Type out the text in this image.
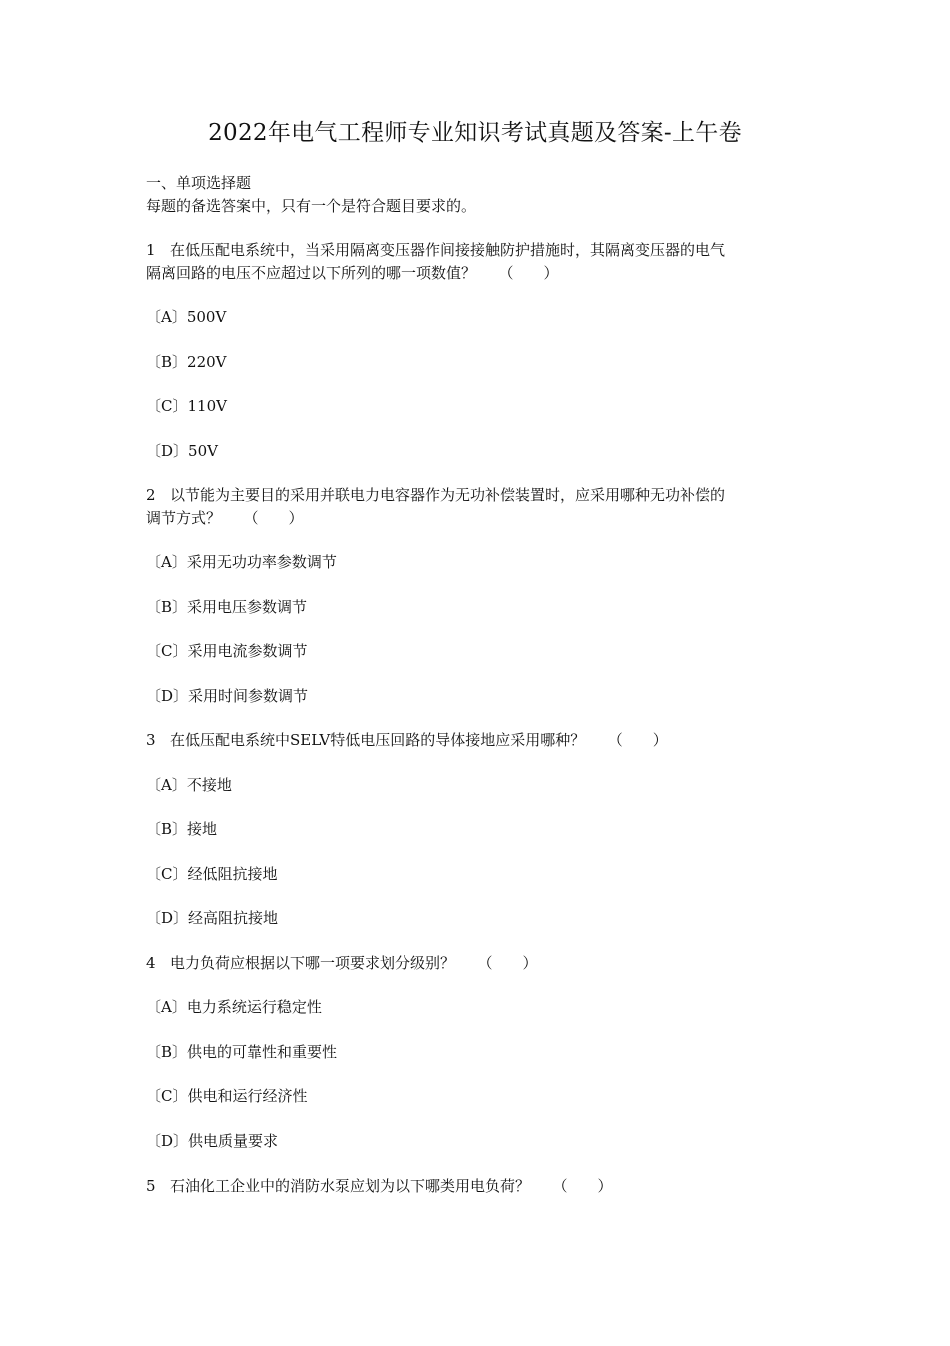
2022年电气工程师专业知识考试真题及答案-上午卷
一、单项选择题
每题的备选答案中，只有一个是符合题目要求的。
1 在低压配电系统中，当采用隔离变压器作间接接触防护措施时，其隔离变压器的电气
隔离回路的电压不应超过以下所列的哪一项数值？　　（　　）
〔A〕500V
〔B〕220V
〔C〕110V
〔D〕50V
2 以节能为主要目的采用并联电力电容器作为无功补偿装置时，应采用哪种无功补偿的
调节方式？　　（　　）
〔A〕采用无功功率参数调节
〔B〕采用电压参数调节
〔C〕采用电流参数调节
〔D〕采用时间参数调节
3 在低压配电系统中SELV特低电压回路的导体接地应采用哪种？　　（　　）
〔A〕不接地
〔B〕接地
〔C〕经低阻抗接地
〔D〕经高阻抗接地
4 电力负荷应根据以下哪一项要求划分级别？　　（　　）
〔A〕电力系统运行稳定性
〔B〕供电的可靠性和重要性
〔C〕供电和运行经济性
〔D〕供电质量要求
5 石油化工企业中的消防水泵应划为以下哪类用电负荷？　　（　　）
